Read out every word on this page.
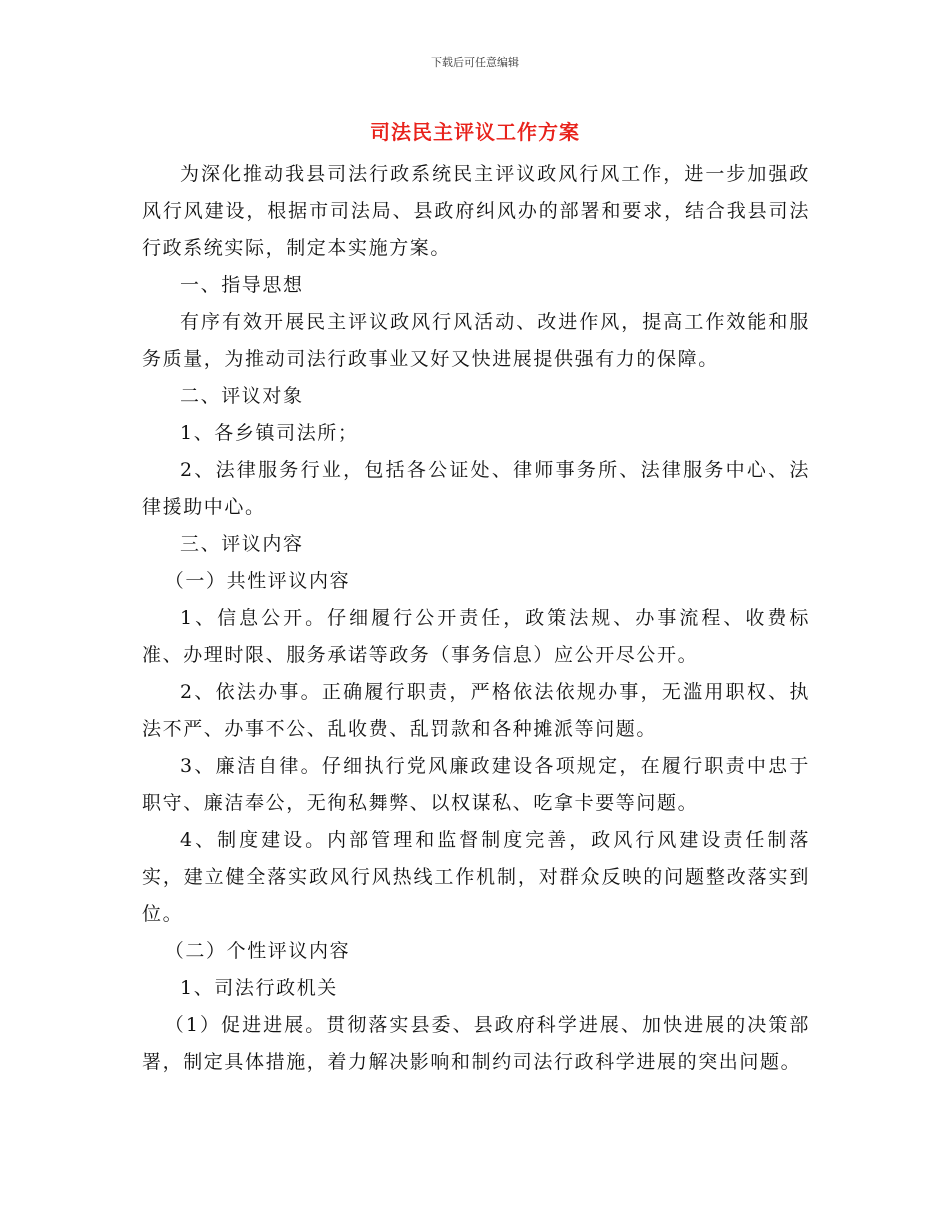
下载后可任意编辑
司法民主评议工作方案

为深化推动我县司法行政系统民主评议政风行风工作，进一步加强政风行风建设，根据市司法局、县政府纠风办的部署和要求，结合我县司法行政系统实际，制定本实施方案。

一、指导思想

有序有效开展民主评议政风行风活动、改进作风，提高工作效能和服务质量，为推动司法行政事业又好又快进展提供强有力的保障。

二、评议对象

1、各乡镇司法所；

2、法律服务行业，包括各公证处、律师事务所、法律服务中心、法律援助中心。

三、评议内容

（一）共性评议内容

1、信息公开。仔细履行公开责任，政策法规、办事流程、收费标准、办理时限、服务承诺等政务（事务信息）应公开尽公开。

2、依法办事。正确履行职责，严格依法依规办事，无滥用职权、执法不严、办事不公、乱收费、乱罚款和各种摊派等问题。

3、廉洁自律。仔细执行党风廉政建设各项规定，在履行职责中忠于职守、廉洁奉公，无徇私舞弊、以权谋私、吃拿卡要等问题。

4、制度建设。内部管理和监督制度完善，政风行风建设责任制落实，建立健全落实政风行风热线工作机制，对群众反映的问题整改落实到位。

（二）个性评议内容

1、司法行政机关

（1）促进进展。贯彻落实县委、县政府科学进展、加快进展的决策部署，制定具体措施，着力解决影响和制约司法行政科学进展的突出问题。
